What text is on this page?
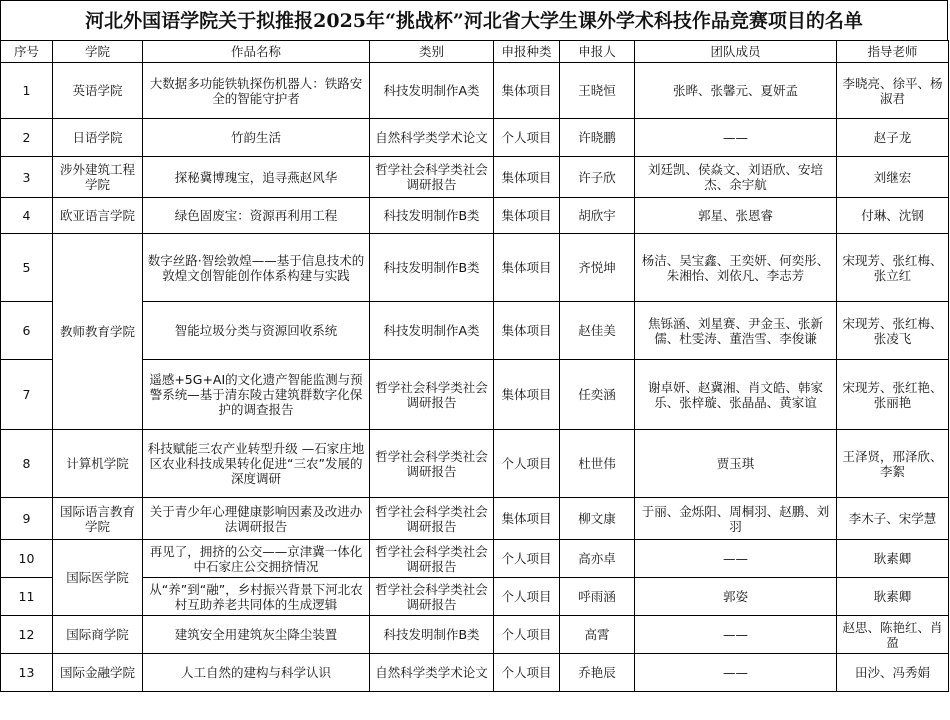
河北外国语学院关于拟推报2025年“挑战杯”河北省大学生课外学术科技作品竞赛项目的名单
序号	学院	作品名称	类别	申报种类	申报人	团队成员	指导老师
1	英语学院	大数据多功能铁轨探伤机器人：铁路安全的智能守护者	科技发明制作A类	集体项目	王晓恒	张晔、张馨元、夏妍孟	李晓亮、徐平、杨淑君
2	日语学院	竹韵生活	自然科学类学术论文	个人项目	许晓鹏	——	赵子龙
3	涉外建筑工程学院	探秘冀博瑰宝，追寻燕赵风华	哲学社会科学类社会调研报告	集体项目	许子欣	刘廷凯、侯焱文、刘语欣、安培杰、余宇航	刘继宏
4	欧亚语言学院	绿色固废宝：资源再利用工程	科技发明制作B类	集体项目	胡欣宇	郭星、张恩睿	付琳、沈钢
5	教师教育学院	数字丝路·智绘敦煌——基于信息技术的敦煌文创智能创作体系构建与实践	科技发明制作B类	集体项目	齐悦坤	杨洁、吴宝鑫、王奕妍、何奕彤、朱湘怡、刘依凡、李志芳	宋现芳、张红梅、张立红
6		智能垃圾分类与资源回收系统	科技发明制作A类	集体项目	赵佳美	焦铄涵、刘星赛、尹金玉、张新儒、杜雯涛、董浩雪、李俊谦	宋现芳、张红梅、张凌飞
7		遥感+5G+AI的文化遗产智能监测与预警系统—基于清东陵古建筑群数字化保护的调查报告	哲学社会科学类社会调研报告	集体项目	任奕涵	谢卓妍、赵冀湘、肖文皓、韩家乐、张梓璇、张晶晶、黄家谊	宋现芳、张红艳、张丽艳
8	计算机学院	科技赋能三农产业转型升级 —石家庄地区农业科技成果转化促进“三农”发展的深度调研	哲学社会科学类社会调研报告	个人项目	杜世伟	贾玉琪	王泽贤，邢泽欣、李絮
9	国际语言教育学院	关于青少年心理健康影响因素及改进办法调研报告	哲学社会科学类社会调研报告	集体项目	柳文康	于丽、金烁阳、周桐羽、赵鹏、刘羽	李木子、宋学慧
10	国际医学院	再见了，拥挤的公交——京津冀一体化中石家庄公交拥挤情况	哲学社会科学类社会调研报告	个人项目	高亦卓	——	耿素卿
11		从“养”到“融”，乡村振兴背景下河北农村互助养老共同体的生成逻辑	哲学社会科学类社会调研报告	个人项目	呼雨涵	郭姿	耿素卿
12	国际商学院	建筑安全用建筑灰尘降尘装置	科技发明制作B类	个人项目	高霄	——	赵思、陈艳红、肖盈
13	国际金融学院	人工自然的建构与科学认识	自然科学类学术论文	个人项目	乔艳辰	——	田沙、冯秀娟
